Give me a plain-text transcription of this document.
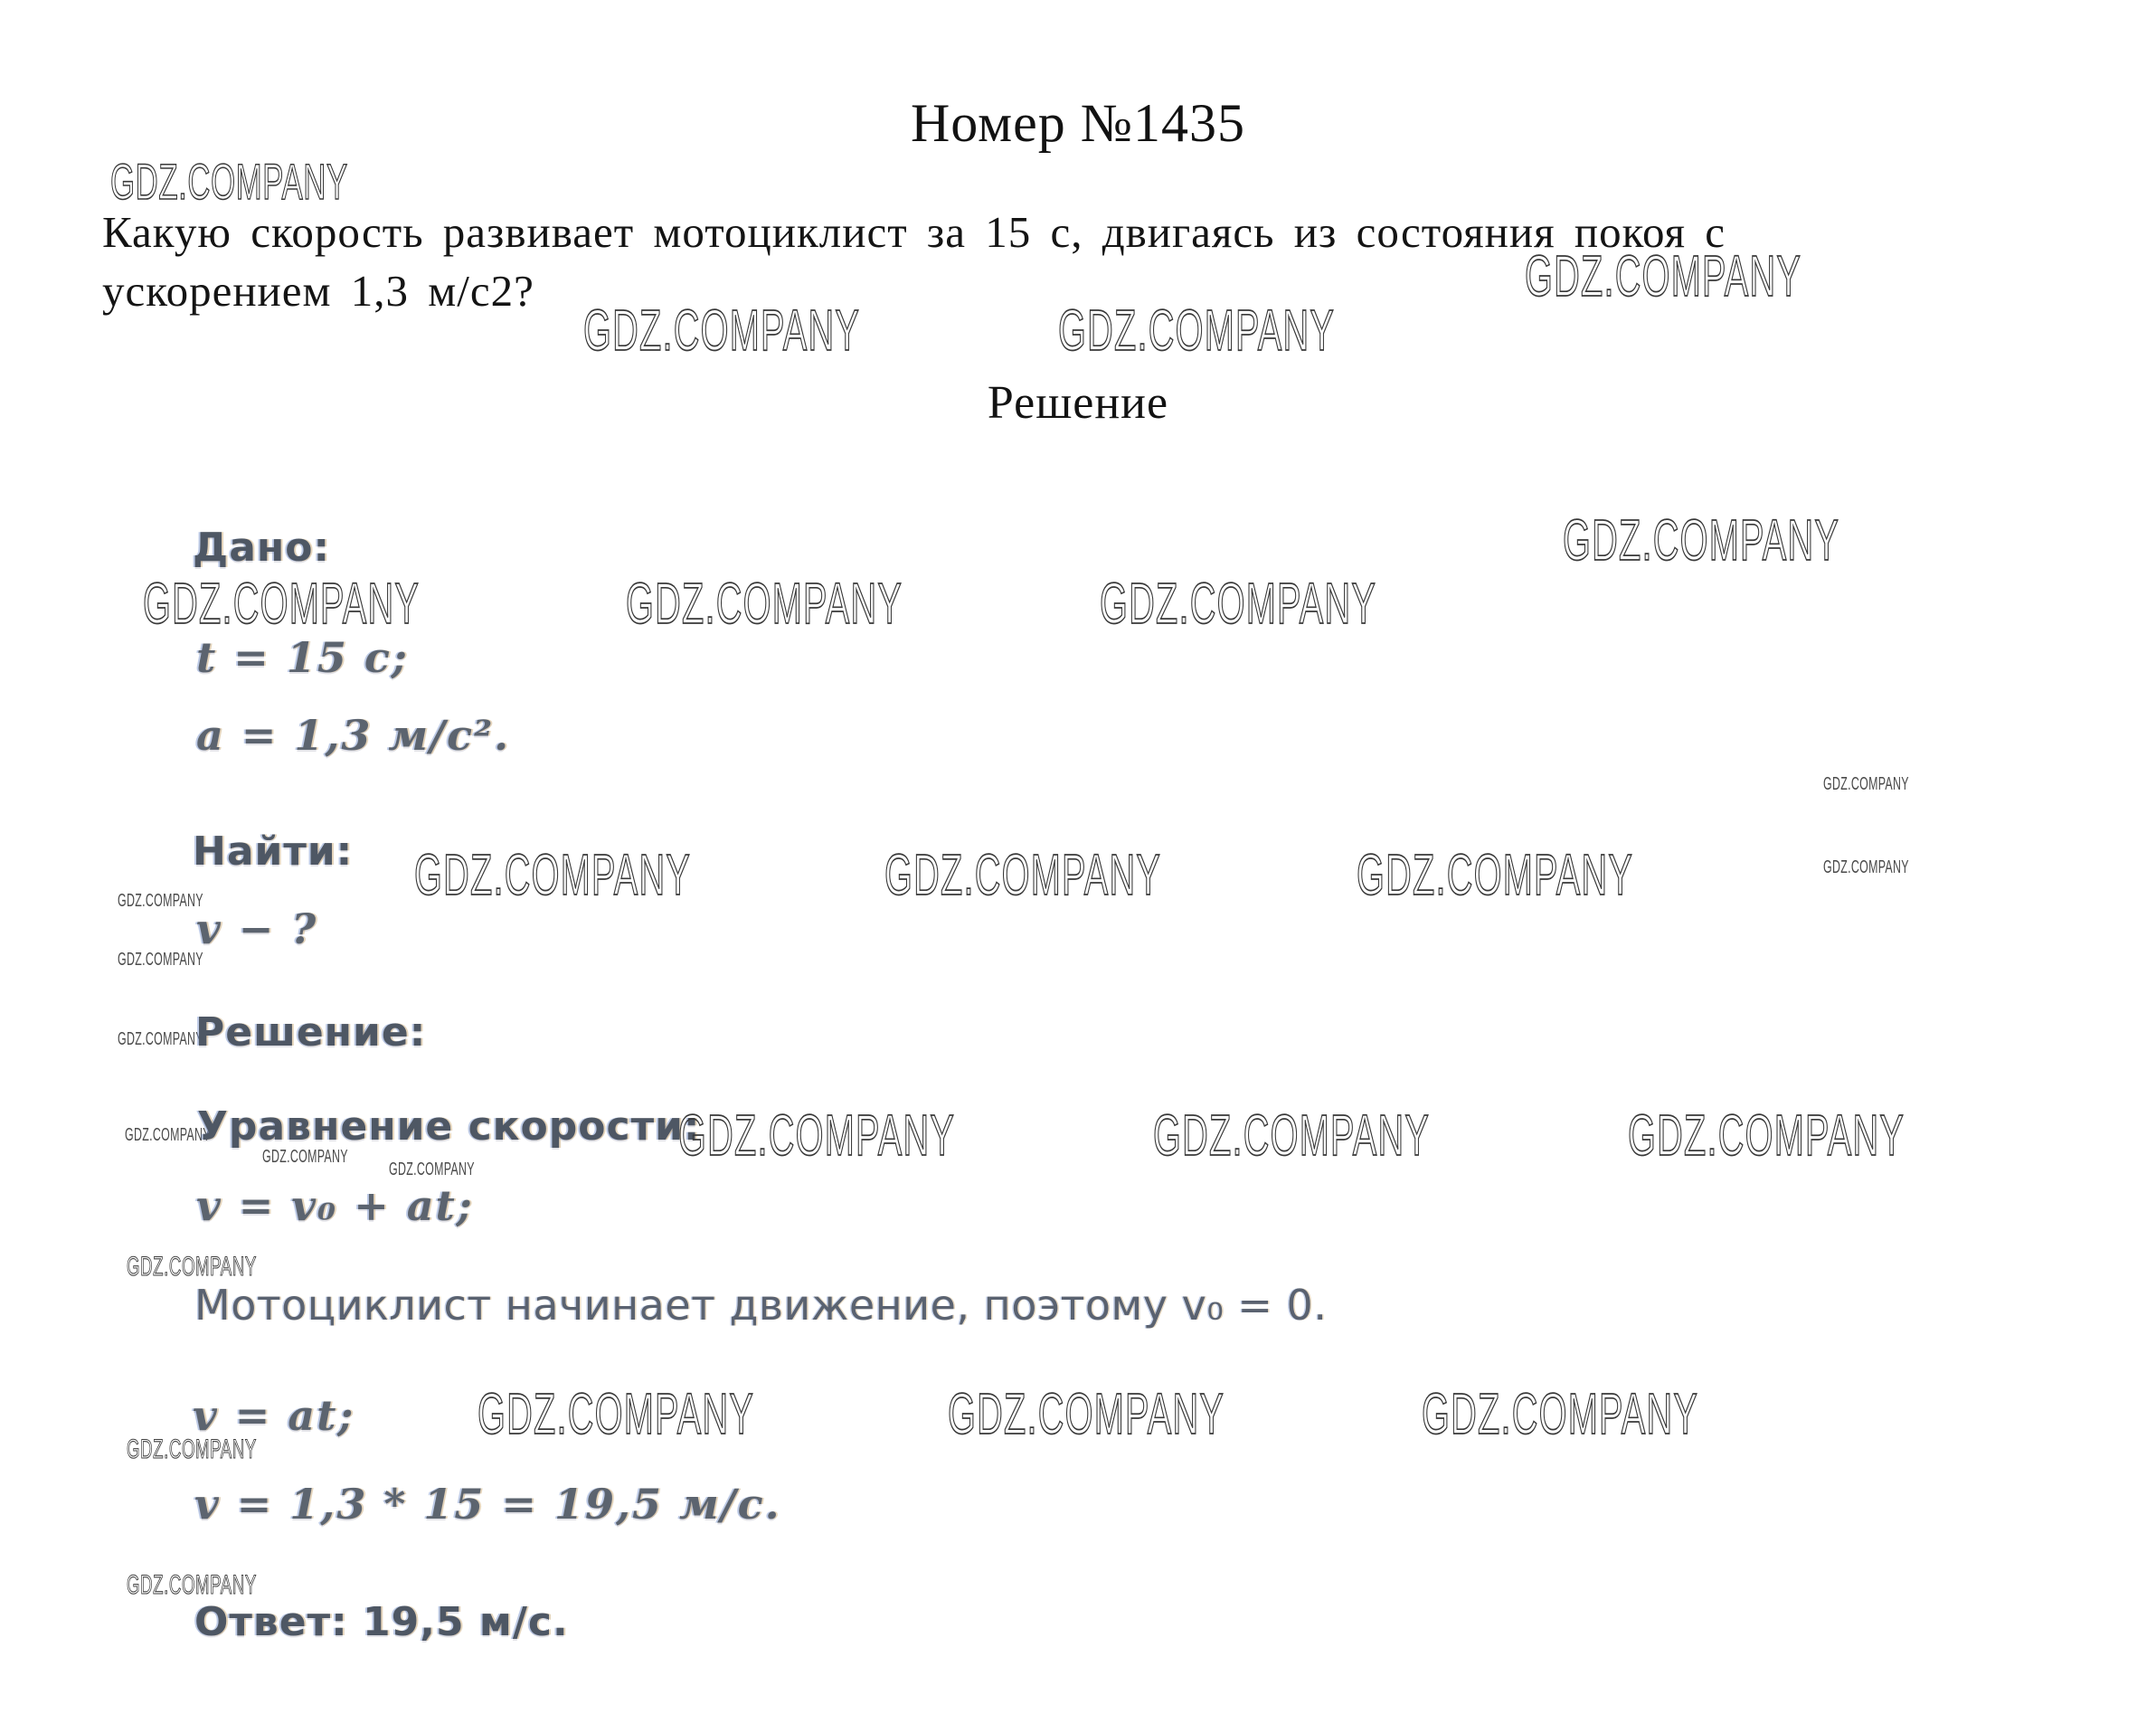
Номер №1435
GDZ.COMPANY
Какую скорость развивает мотоциклист за 15 с, двигаясь из состояния покоя с
ускорением 1,3 м/с2?	GDZ.COMPANY
GDZ.COMPANY	GDZ.COMPANY
Решение
Дано:	GDZ.COMPANY
GDZ.COMPANY	GDZ.COMPANY	GDZ.COMPANY
t = 15 с;
a = 1,3 м/с².
GDZ.COMPANY
Найти: GDZ.COMPANY	GDZ.COMPANY	GDZ.COMPANY	GDZ.COMPANY
GDZ.COMPANY
v − ?
GDZ.COMPANY
GDZ.COMPANY
Решение:
GDZ.COMPANY
Уравнение скорости:
GDZ.COMPANY
GDZ.COMPANY
GDZ.COMPANY	GDZ.COMPANY	GDZ.COMPANY
v = v₀ + at;
GDZ.COMPANY
Мотоциклист начинает движение, поэтому v₀ = 0.
v = at; GDZ.COMPANY	GDZ.COMPANY	GDZ.COMPANY
GDZ.COMPANY
v = 1,3 * 15 = 19,5 м/с.
GDZ.COMPANY
Ответ: 19,5 м/с.
